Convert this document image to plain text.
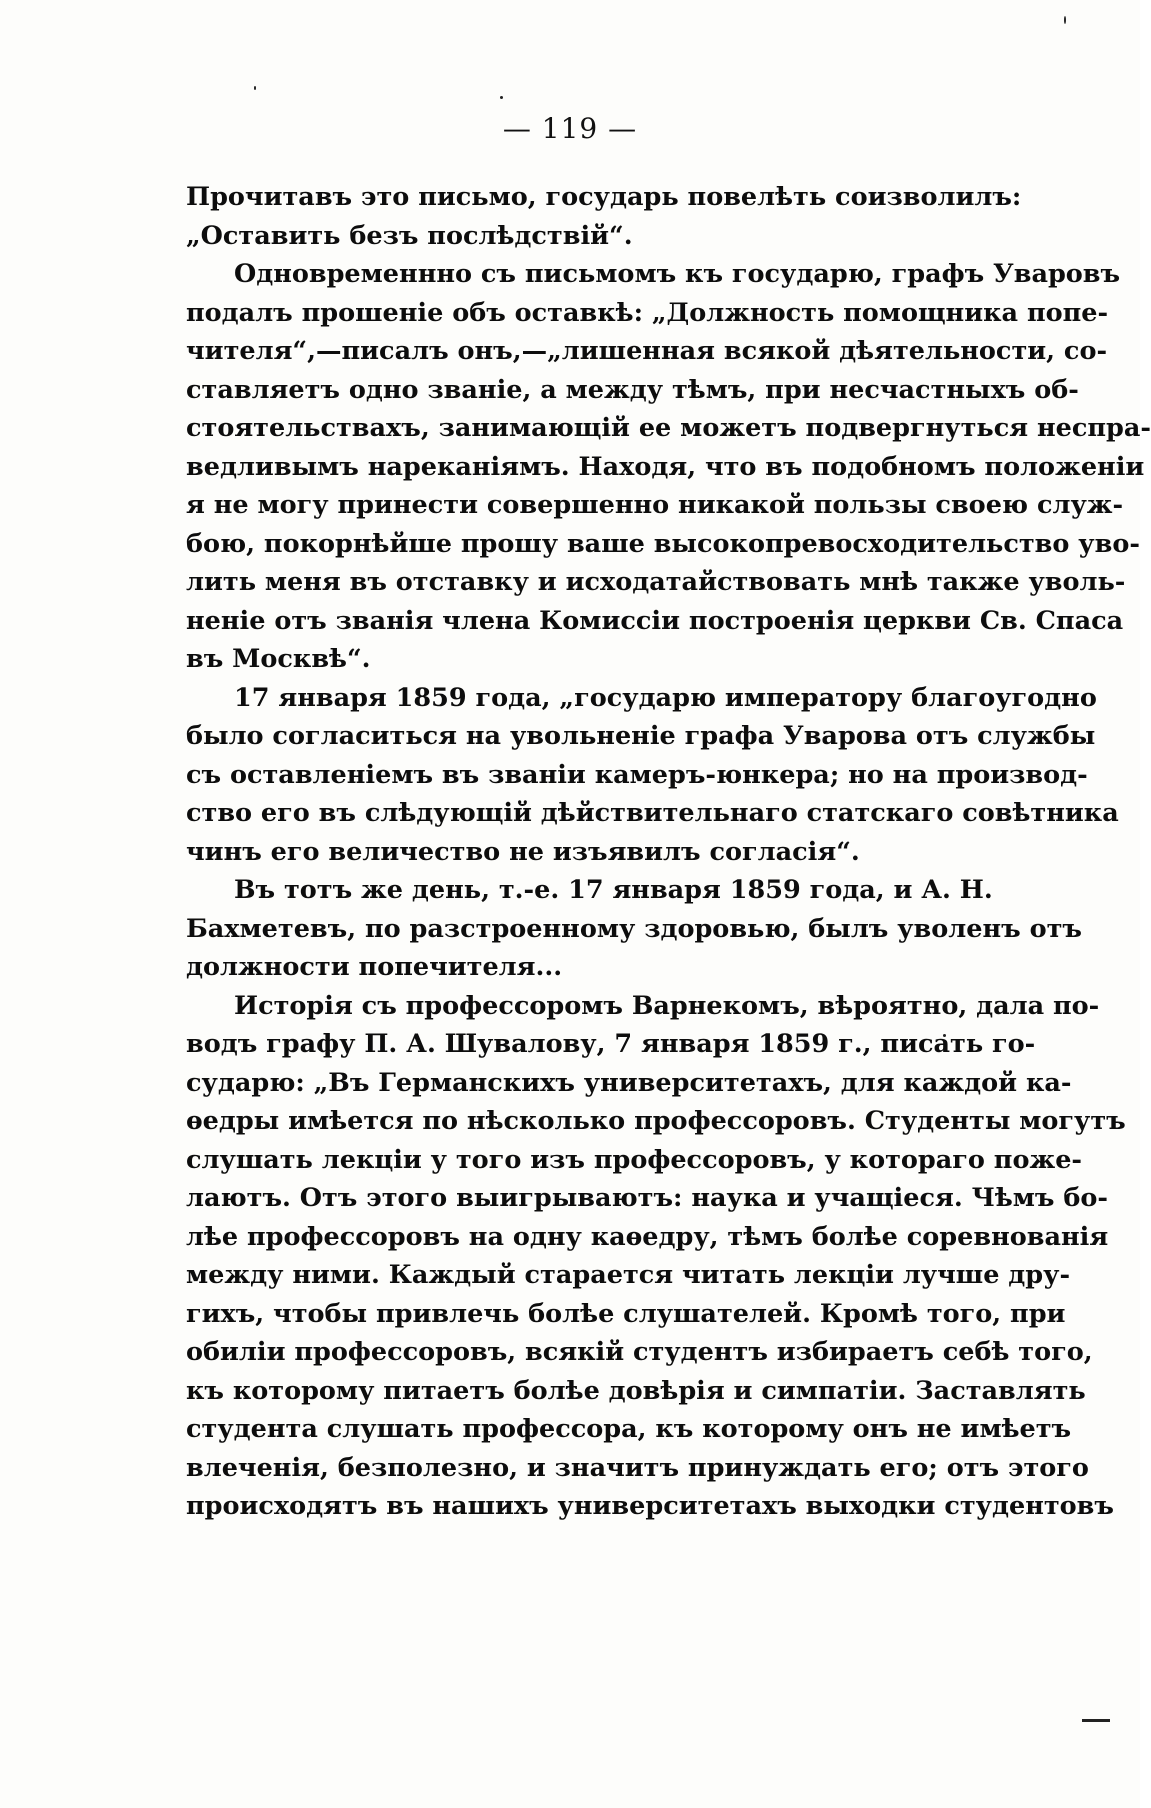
— 119 —
Прочитавъ это письмо, государь повелѣть соизволилъ:
„Оставить безъ послѣдствій“.
Одновременнно съ письмомъ къ государю, графъ Уваровъ
подалъ прошеніе объ оставкѣ: „Должность помощника попе-
чителя“,—писалъ онъ,—„лишенная всякой дѣятельности, со-
ставляетъ одно званіе, а между тѣмъ, при несчастныхъ об-
стоятельствахъ, занимающій ее можетъ подвергнуться неспра-
ведливымъ нареканіямъ. Находя, что въ подобномъ положеніи
я не могу принести совершенно никакой пользы своею служ-
бою, покорнѣйше прошу ваше высокопревосходительство уво-
лить меня въ отставку и исходатайствовать мнѣ также уволь-
неніе отъ званія члена Комиссіи построенія церкви Св. Спаса
въ Москвѣ“.
17 января 1859 года, „государю императору благоугодно
было согласиться на увольненіе графа Уварова отъ службы
съ оставленіемъ въ званіи камеръ-юнкера; но на производ-
ство его въ слѣдующій дѣйствительнаго статскаго совѣтника
чинъ его величество не изъявилъ согласія“.
Въ тотъ же день, т.-е. 17 января 1859 года, и А. Н.
Бахметевъ, по разстроенному здоровью, былъ уволенъ отъ
должности попечителя...
Исторія съ профессоромъ Варнекомъ, вѣроятно, дала по-
водъ графу П. А. Шувалову, 7 января 1859 г., писать го-
сударю: „Въ Германскихъ университетахъ, для каждой ка-
ѳедры имѣется по нѣсколько профессоровъ. Студенты могутъ
слушать лекціи у того изъ профессоровъ, у котораго поже-
лаютъ. Отъ этого выигрываютъ: наука и учащіеся. Чѣмъ бо-
лѣе профессоровъ на одну каѳедру, тѣмъ болѣе соревнованія
между ними. Каждый старается читать лекціи лучше дру-
гихъ, чтобы привлечь болѣе слушателей. Кромѣ того, при
обиліи профессоровъ, всякій студентъ избираетъ себѣ того,
къ которому питаетъ болѣе довѣрія и симпатіи. Заставлять
студента слушать профессора, къ которому онъ не имѣетъ
влеченія, безполезно, и значитъ принуждать его; отъ этого
происходятъ въ нашихъ университетахъ выходки студентовъ
